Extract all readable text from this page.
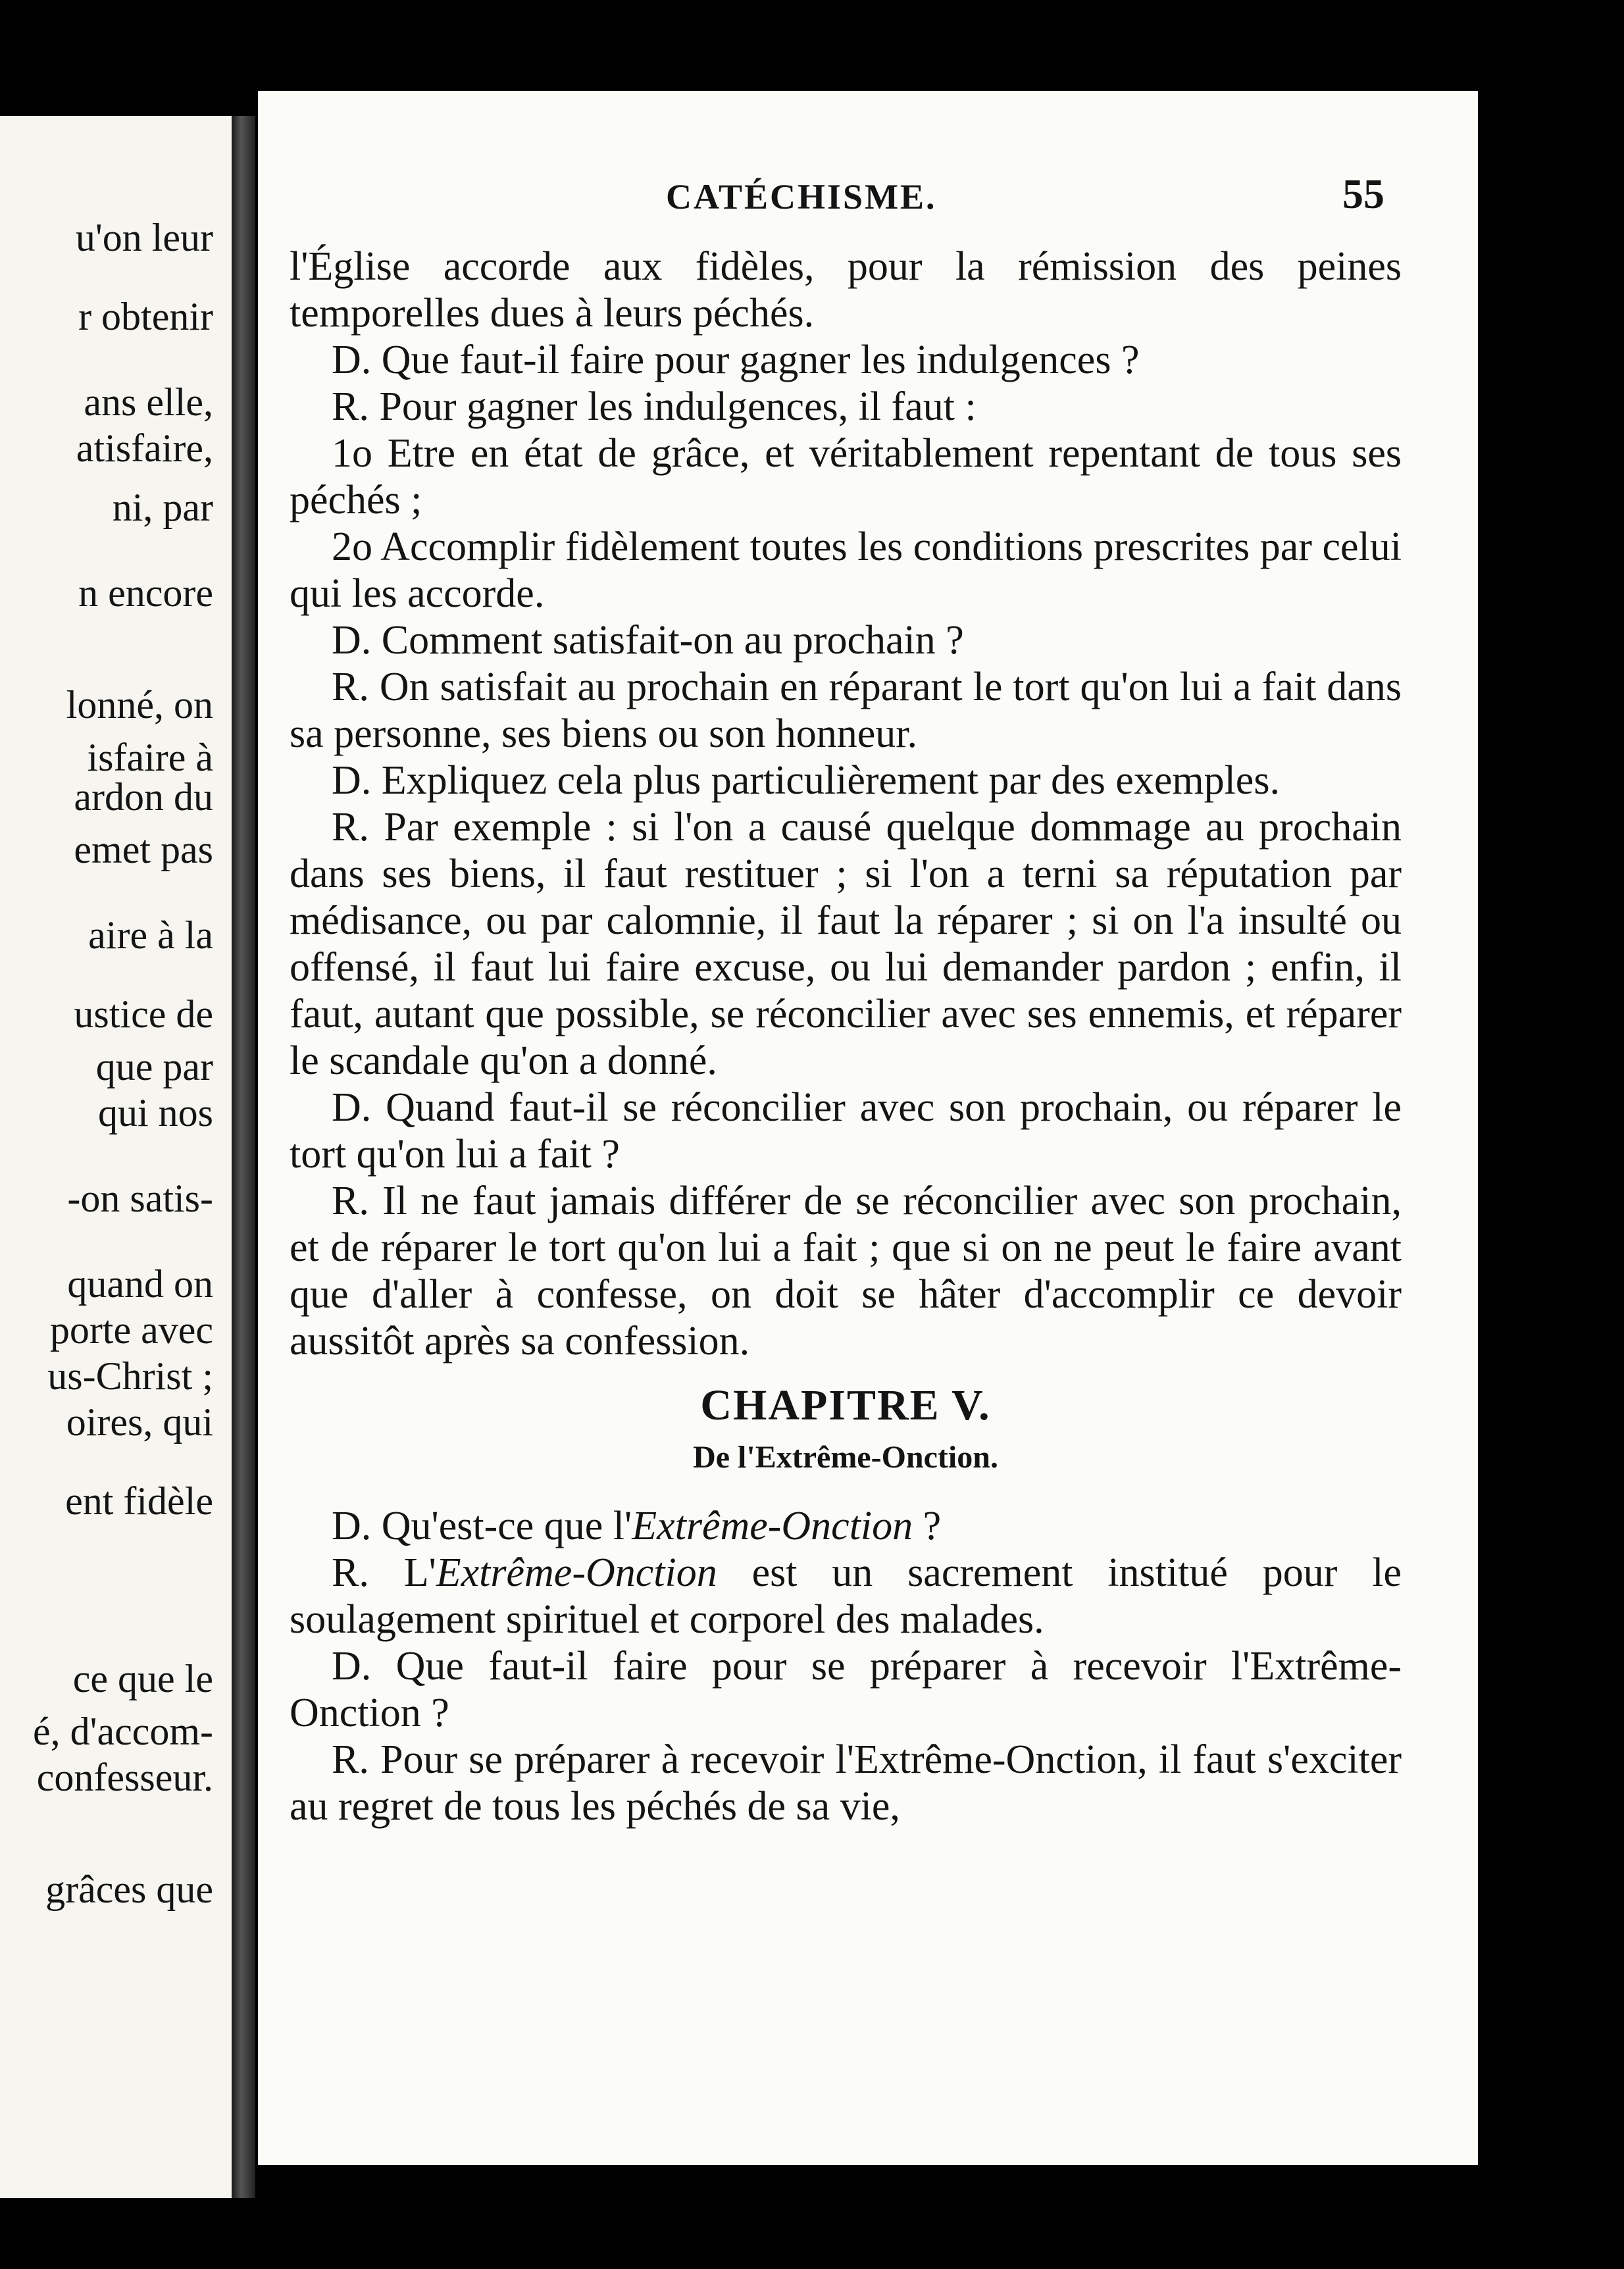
u'on leur
r obtenir
ans elle,
atisfaire,
ni, par
n encore
lonné, on
isfaire à
ardon du
emet pas
aire à la
ustice de
que par
qui nos
-on satis-
quand on
porte avec
us-Christ ;
oires, qui
ent fidèle
ce que le
é, d'accom-
confesseur.
grâces que
CATÉCHISME.	55

l'Église accorde aux fidèles, pour la rémission des peines temporelles dues à leurs péchés.

D. Que faut-il faire pour gagner les indulgences ?

R. Pour gagner les indulgences, il faut :

1o Etre en état de grâce, et véritablement repentant de tous ses péchés ;

2o Accomplir fidèlement toutes les conditions prescrites par celui qui les accorde.

D. Comment satisfait-on au prochain ?

R. On satisfait au prochain en réparant le tort qu'on lui a fait dans sa personne, ses biens ou son honneur.

D. Expliquez cela plus particulièrement par des exemples.

R. Par exemple : si l'on a causé quelque dommage au prochain dans ses biens, il faut restituer ; si l'on a terni sa réputation par médisance, ou par calomnie, il faut la réparer ; si on l'a insulté ou offensé, il faut lui faire excuse, ou lui demander pardon ; enfin, il faut, autant que possible, se réconcilier avec ses ennemis, et réparer le scandale qu'on a donné.

D. Quand faut-il se réconcilier avec son prochain, ou réparer le tort qu'on lui a fait ?

R. Il ne faut jamais différer de se réconcilier avec son prochain, et de réparer le tort qu'on lui a fait ; que si on ne peut le faire avant que d'aller à confesse, on doit se hâter d'accomplir ce devoir aussitôt après sa confession.

CHAPITRE V.
De l'Extrême-Onction.

D. Qu'est-ce que l'Extrême-Onction ?

R. L'Extrême-Onction est un sacrement institué pour le soulagement spirituel et corporel des malades.

D. Que faut-il faire pour se préparer à recevoir l'Extrême-Onction ?

R. Pour se préparer à recevoir l'Extrême-Onction, il faut s'exciter au regret de tous les péchés de sa vie,
